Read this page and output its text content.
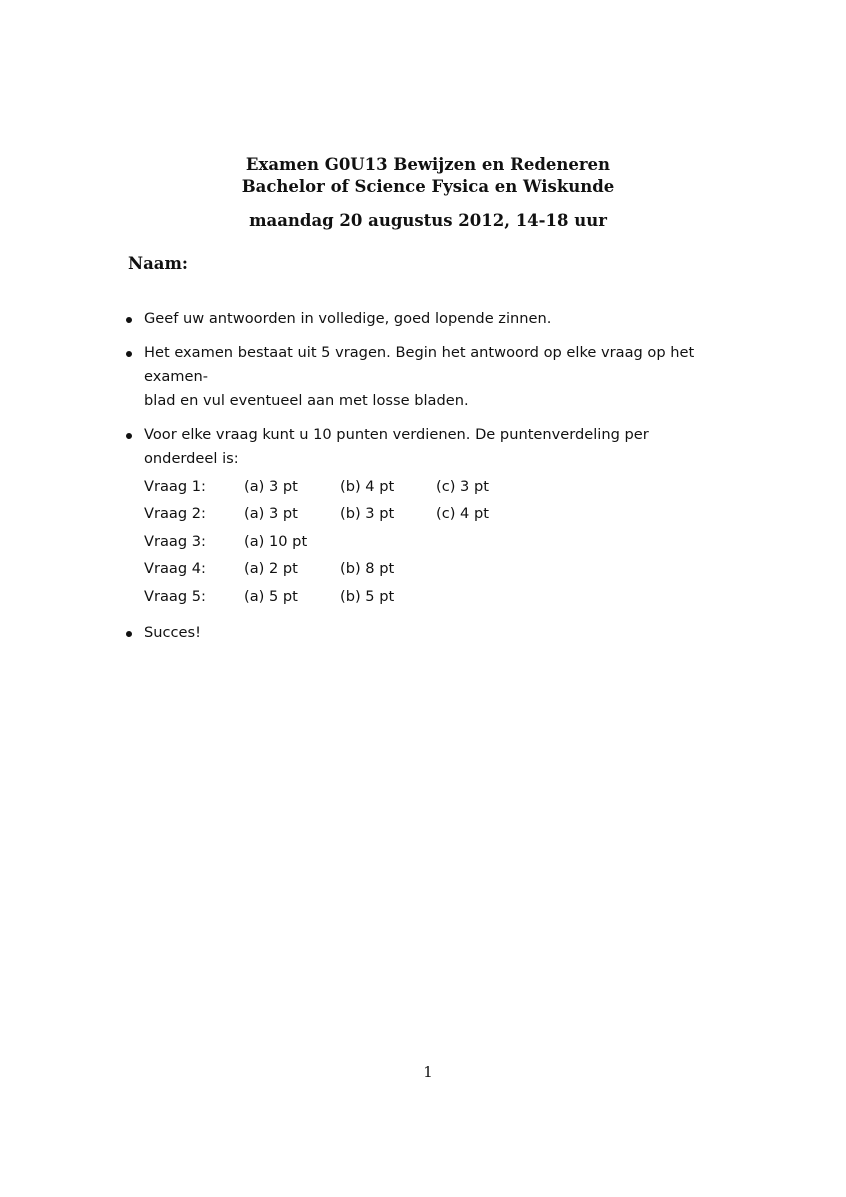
Examen G0U13 Bewijzen en Redeneren
Bachelor of Science Fysica en Wiskunde
maandag 20 augustus 2012, 14-18 uur
Naam:
Geef uw antwoorden in volledige, goed lopende zinnen.
Het examen bestaat uit 5 vragen. Begin het antwoord op elke vraag op het examen-
blad en vul eventueel aan met losse bladen.
Voor elke vraag kunt u 10 punten verdienen. De puntenverdeling per onderdeel is:
Vraag 1:	(a) 3 pt	(b) 4 pt	(c) 3 pt
Vraag 2:	(a) 3 pt	(b) 3 pt	(c) 4 pt
Vraag 3:	(a) 10 pt		
Vraag 4:	(a) 2 pt	(b) 8 pt	
Vraag 5:	(a) 5 pt	(b) 5 pt	
Succes!
1
